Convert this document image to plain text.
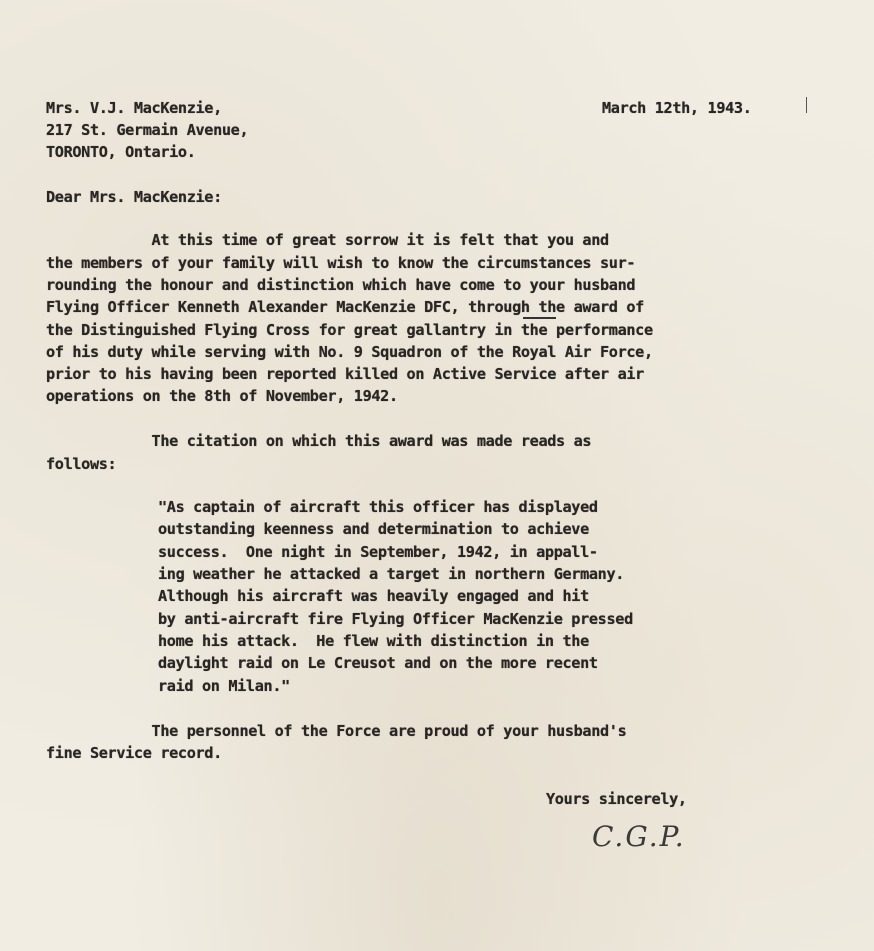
Mrs. V.J. MacKenzie,
217 St. Germain Avenue,
TORONTO, Ontario.
March 12th, 1943.
Dear Mrs. MacKenzie:
At this time of great sorrow it is felt that you and
the members of your family will wish to know the circumstances sur-
rounding the honour and distinction which have come to your husband
Flying Officer Kenneth Alexander MacKenzie DFC, through the award of
the Distinguished Flying Cross for great gallantry in the performance
of his duty while serving with No. 9 Squadron of the Royal Air Force,
prior to his having been reported killed on Active Service after air
operations on the 8th of November, 1942.
The citation on which this award was made reads as
follows:
"As captain of aircraft this officer has displayed
outstanding keenness and determination to achieve
success.  One night in September, 1942, in appall-
ing weather he attacked a target in northern Germany.
Although his aircraft was heavily engaged and hit
by anti-aircraft fire Flying Officer MacKenzie pressed
home his attack.  He flew with distinction in the
daylight raid on Le Creusot and on the more recent
raid on Milan."
The personnel of the Force are proud of your husband's
fine Service record.
Yours sincerely,
C.G.P.
